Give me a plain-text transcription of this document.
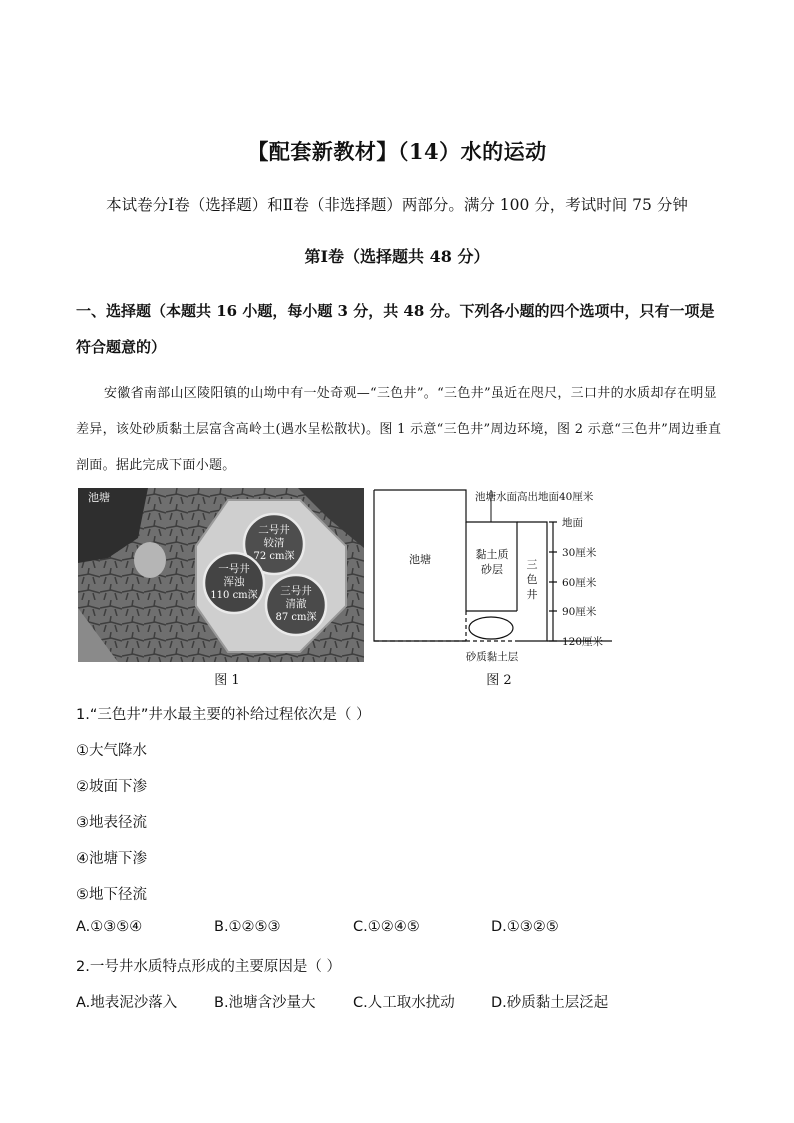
【配套新教材】（14）水的运动
本试卷分Ⅰ卷（选择题）和Ⅱ卷（非选择题）两部分。满分 100 分，考试时间 75 分钟
第Ⅰ卷（选择题共 48 分）
一、选择题（本题共 16 小题，每小题 3 分，共 48 分。下列各小题的四个选项中，只有一项是符合题意的）
安徽省南部山区陵阳镇的山坳中有一处奇观—“三色井”。“三色井”虽近在咫尺，三口井的水质却存在明显差异，该处砂质黏土层富含高岭土(遇水呈松散状)。图 1 示意“三色井”周边环境，图 2 示意“三色井”周边垂直剖面。据此完成下面小题。
池塘
二号井
较清
72 cm深
一号井
浑浊
110 cm深 三号井
清澈
87 cm深
池塘水面高出地面40厘米
池塘	黏土质
砂层 三
色
井
地面
30厘米
60厘米
90厘米
120厘米
砂质黏土层
图 1	图 2
1.“三色井”井水最主要的补给过程依次是（ ）
①大气降水
②坡面下渗
③地表径流
④池塘下渗
⑤地下径流
A.①③⑤④	B.①②⑤③	C.①②④⑤	D.①③②⑤
2.一号井水质特点形成的主要原因是（ ）
A.地表泥沙落入	B.池塘含沙量大	C.人工取水扰动	D.砂质黏土层泛起
